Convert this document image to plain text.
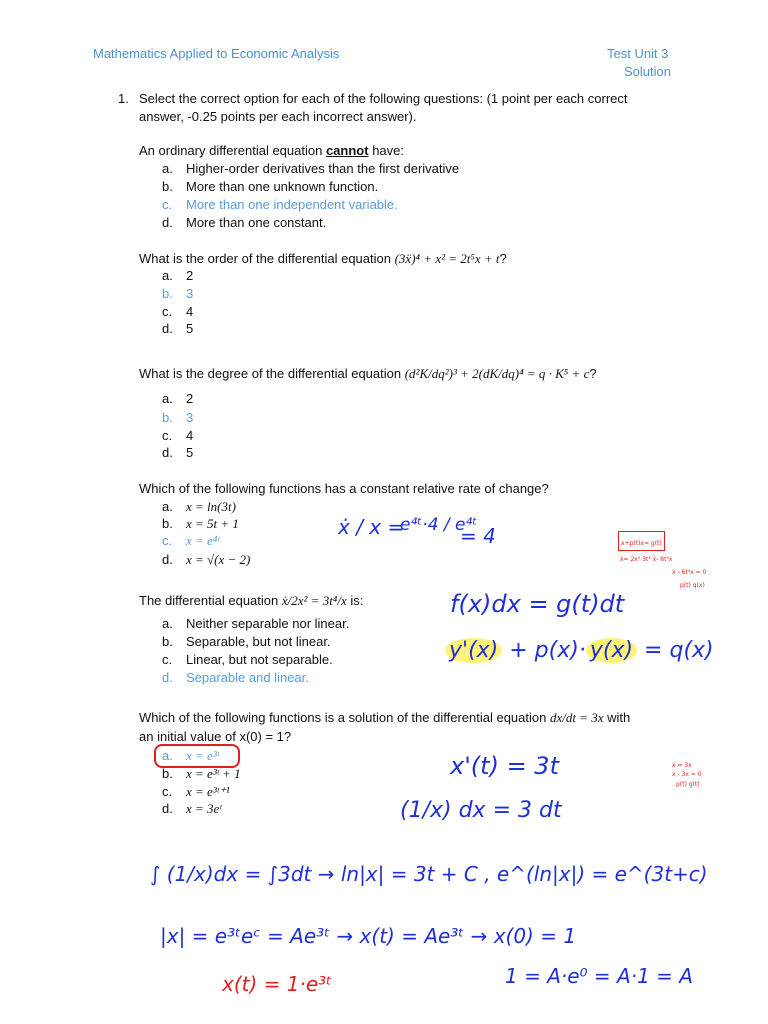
Mathematics Applied to Economic Analysis	Test Unit 3
Solution
1. Select the correct option for each of the following questions: (1 point per each correct
answer, -0.25 points per each incorrect answer).
An ordinary differential equation cannot have:
a. Higher-order derivatives than the first derivative
b. More than one unknown function.
c. More than one independent variable.
d. More than one constant.
What is the order of the differential equation (3ẍ)⁴ + x² = 2t⁵x + t?
a. 2
b. 3
c. 4
d. 5
What is the degree of the differential equation (d²K/dq²)³ + 2(dK/dq)⁴ = q · K⁵ + c?
a. 2
b. 3
c. 4
d. 5
Which of the following functions has a constant relative rate of change?
a. x = ln(3t)
b. x = 5t + 1
c. x = e⁴ᵗ
d. x = √(x − 2)
ẋ / x =
e⁴ᵗ·4 / e⁴ᵗ
= 4	x+p(t)x= g(t)
ẋ= 2x⁵ 3t⁴ ẋ- 6t⁴x
ẋ - 6t⁴x = 0
p(t) q(x)
The differential equation ẋ/2x² = 3t⁴/x is:
a. Neither separable nor linear.
b. Separable, but not linear.
c. Linear, but not separable.
d. Separable and linear.
f(x)dx = g(t)dt
y'(x) + p(x)· y(x) = q(x)
Which of the following functions is a solution of the differential equation dx/dt = 3x with
an initial value of x(0) = 1?
a. x = e³ᵗ
b. x = e³ᵗ + 1
c. x = e³ᵗ⁺¹
d. x = 3eᵗ
x'(t) = 3t
(1/x) dx = 3 dt
∫ (1/x)dx = ∫3dt → ln|x| = 3t + C , e^(ln|x|) = e^(3t+c)
|x| = e³ᵗeᶜ = Ae³ᵗ → x(t) = Ae³ᵗ → x(0) = 1
x(t) = 1·e³ᵗ	1 = A·e⁰ = A·1 = A
ẋ = 3x
ẋ - 3x = 0
p(t) g(t)
